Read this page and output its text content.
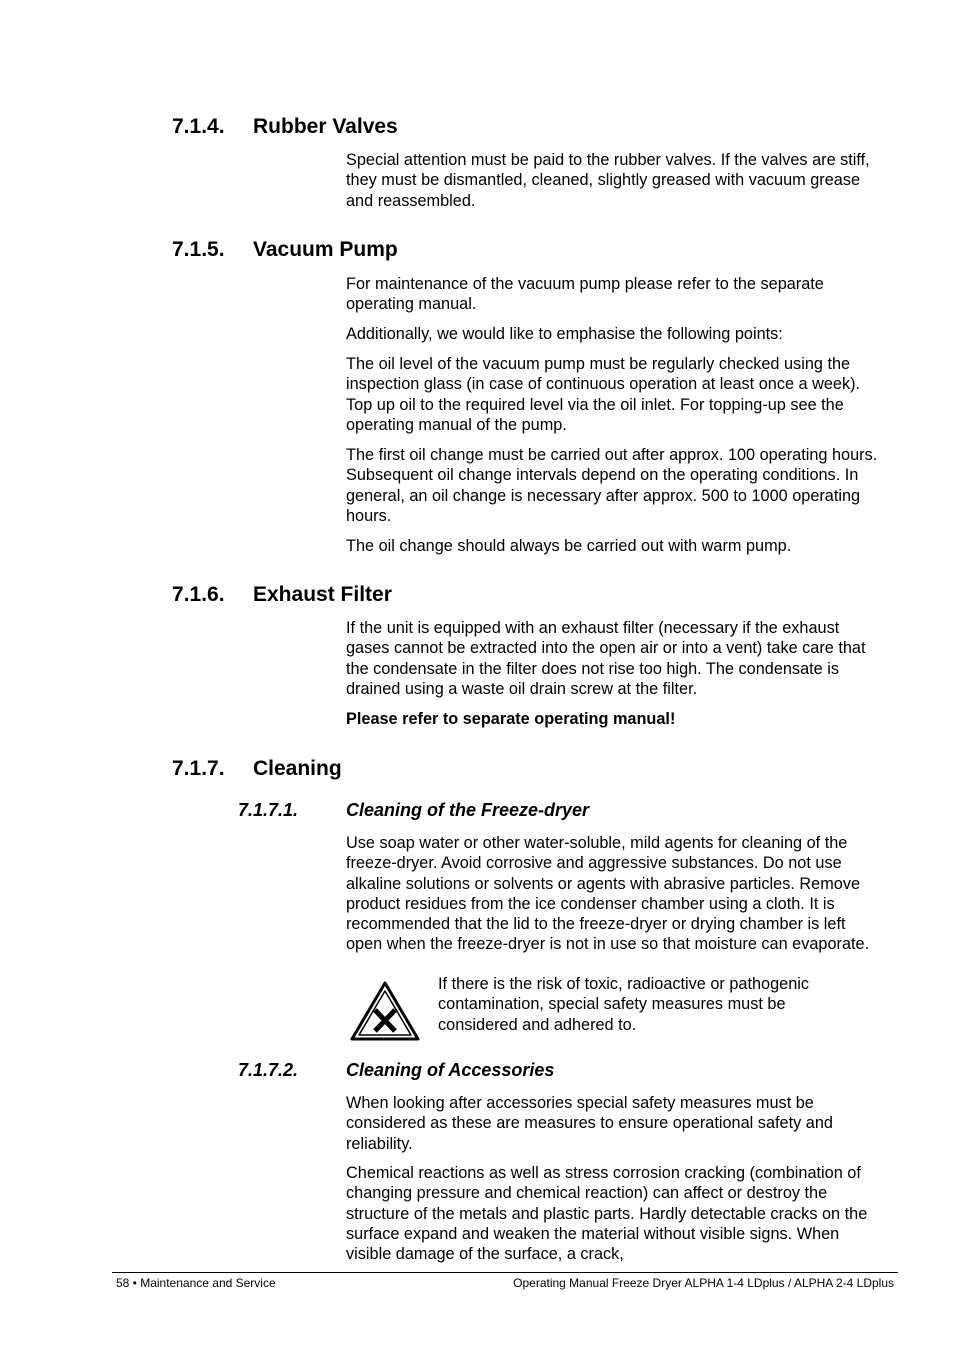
7.1.4. Rubber Valves

Special attention must be paid to the rubber valves. If the valves are stiff, they must be dismantled, cleaned, slightly greased with vacuum grease and reassembled.

7.1.5. Vacuum Pump

For maintenance of the vacuum pump please refer to the separate operating manual.

Additionally, we would like to emphasise the following points:

The oil level of the vacuum pump must be regularly checked using the inspection glass (in case of continuous operation at least once a week). Top up oil to the required level via the oil inlet. For topping-up see the operating manual of the pump.

The first oil change must be carried out after approx. 100 operating hours. Subsequent oil change intervals depend on the operating conditions. In general, an oil change is necessary after approx. 500 to 1000 operating hours.

The oil change should always be carried out with warm pump.

7.1.6. Exhaust Filter

If the unit is equipped with an exhaust filter (necessary if the exhaust gases cannot be extracted into the open air or into a vent) take care that the condensate in the filter does not rise too high. The condensate is drained using a waste oil drain screw at the filter.

Please refer to separate operating manual!

7.1.7. Cleaning
7.1.7.1.	Cleaning of the Freeze-dryer

Use soap water or other water-soluble, mild agents for cleaning of the freeze-dryer. Avoid corrosive and aggressive substances. Do not use alkaline solutions or solvents or agents with abrasive particles. Remove product residues from the ice condenser chamber using a cloth. It is recommended that the lid to the freeze-dryer or drying chamber is left open when the freeze-dryer is not in use so that moisture can evaporate.

If there is the risk of toxic, radioactive or pathogenic contamination, special safety measures must be considered and adhered to.

7.1.7.2.	Cleaning of Accessories

When looking after accessories special safety measures must be considered as these are measures to ensure operational safety and reliability.

Chemical reactions as well as stress corrosion cracking (combination of changing pressure and chemical reaction) can affect or destroy the structure of the metals and plastic parts. Hardly detectable cracks on the surface expand and weaken the material without visible signs. When visible damage of the surface, a crack,

58 • Maintenance and Service	Operating Manual Freeze Dryer ALPHA 1-4 LDplus / ALPHA 2-4 LDplus
